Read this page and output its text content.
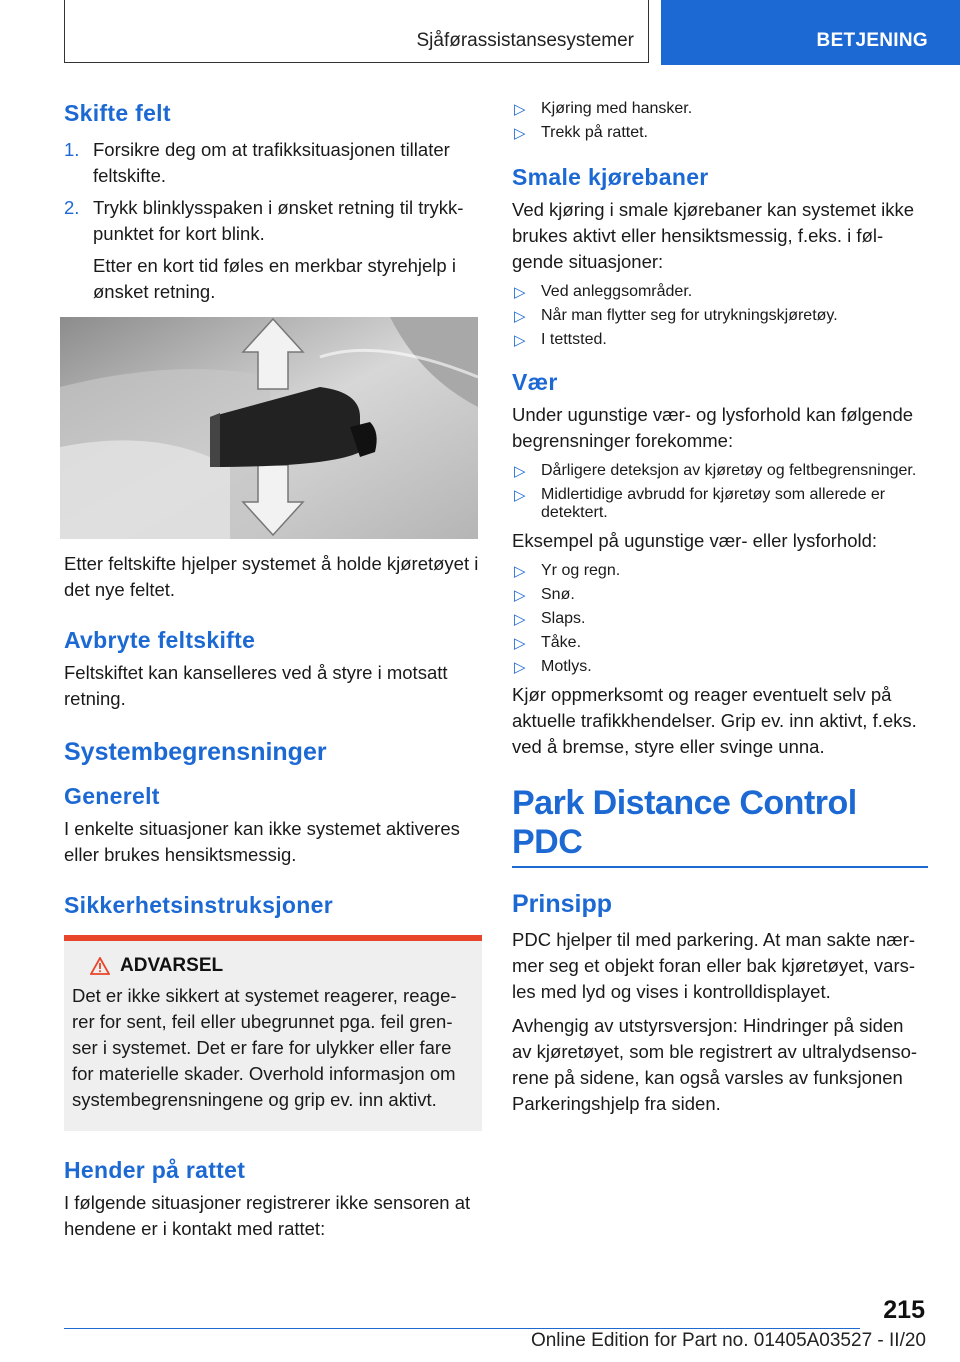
Sjåførassistansesystemer	BETJENING
Skifte felt
1. Forsikre deg om at trafikksituasjonen tillater feltskifte.
2. Trykk blinklysspaken i ønsket retning til trykkpunktet for kort blink.

Etter en kort tid føles en merkbar styrehjelp i ønsket retning.

Etter feltskifte hjelper systemet å holde kjøretøyet i det nye feltet.

Avbryte feltskifte

Feltskiftet kan kanselleres ved å styre i motsatt retning.

Systembegrensninger
Generelt

I enkelte situasjoner kan ikke systemet aktiveres eller brukes hensiktsmessig.

Sikkerhetsinstruksjoner
ADVARSEL

Det er ikke sikkert at systemet reagerer, reagerer for sent, feil eller ubegrunnet pga. feil grenser i systemet. Det er fare for ulykker eller fare for materielle skader. Overhold informasjon om systembegrensningene og grip ev. inn aktivt.

Hender på rattet

I følgende situasjoner registrerer ikke sensoren at hendene er i kontakt med rattet:

▷ Kjøring med hansker.
▷ Trekk på rattet.
Smale kjørebaner

Ved kjøring i smale kjørebaner kan systemet ikke brukes aktivt eller hensiktsmessig, f.eks. i følgende situasjoner:

▷ Ved anleggsområder.
▷ Når man flytter seg for utrykningskjøretøy.
▷ I tettsted.
Vær

Under ugunstige vær- og lysforhold kan følgende begrensninger forekomme:

▷ Dårligere deteksjon av kjøretøy og feltbegrensninger.
▷ Midlertidige avbrudd for kjøretøy som allerede er detektert.

Eksempel på ugunstige vær- eller lysforhold:

▷ Yr og regn.
▷ Snø.
▷ Slaps.
▷ Tåke.
▷ Motlys.

Kjør oppmerksomt og reager eventuelt selv på aktuelle trafikkhendelser. Grip ev. inn aktivt, f.eks. ved å bremse, styre eller svinge unna.

Park Distance Control PDC
Prinsipp

PDC hjelper til med parkering. At man sakte nærmer seg et objekt foran eller bak kjøretøyet, varsles med lyd og vises i kontrolldisplayet.

Avhengig av utstyrsversjon: Hindringer på siden av kjøretøyet, som ble registrert av ultralydsensorene på sidene, kan også varsles av funksjonen Parkeringshjelp fra siden.

215
Online Edition for Part no. 01405A03527 - II/20
